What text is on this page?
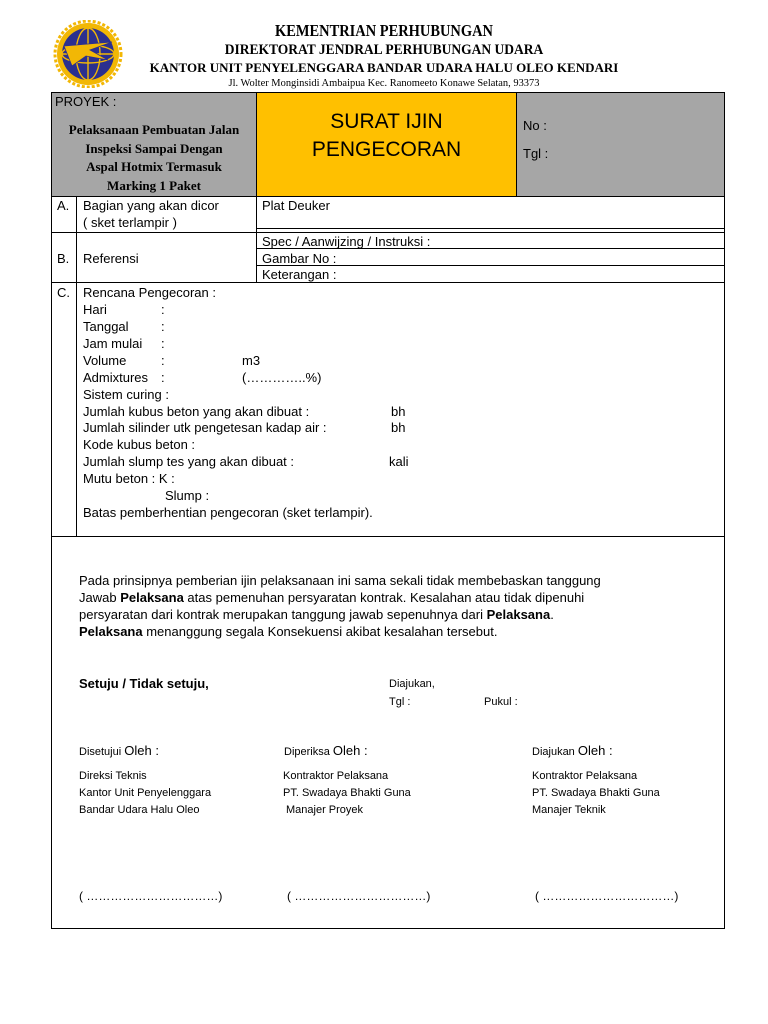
KEMENTRIAN PERHUBUNGAN
DIREKTORAT JENDRAL PERHUBUNGAN UDARA
KANTOR UNIT PENYELENGGARA BANDAR UDARA HALU OLEO KENDARI
Jl. Wolter Monginsidi Ambaipua Kec. Ranomeeto Konawe Selatan, 93373
PROYEK :
Pelaksanaan Pembuatan Jalan
Inspeksi Sampai Dengan
Aspal Hotmix Termasuk
Marking 1 Paket
SURAT IJIN
PENGECORAN
No :
Tgl :
A. Bagian yang akan dicor
( sket terlampir )
Plat Deuker
B. Referensi
Spec / Aanwijzing / Instruksi :
Gambar No :
Keterangan :
C. Rencana Pengecoran :
Hari	:
Tanggal :
Jam mulai :
Volume	:	m3
Admixtures :	(…………..%)
Sistem curing :
Jumlah kubus beton yang akan dibuat :	bh
Jumlah silinder utk pengetesan kadap air :	bh
Kode kubus beton :
Jumlah slump tes yang akan dibuat :	kali
Mutu beton : K :
Slump :
Batas pemberhentian pengecoran (sket terlampir).
Pada prinsipnya pemberian ijin pelaksanaan ini sama sekali tidak membebaskan tanggung
Jawab Pelaksana atas pemenuhan persyaratan kontrak. Kesalahan atau tidak dipenuhi
persyaratan dari kontrak merupakan tanggung jawab sepenuhnya dari Pelaksana.
Pelaksana menanggung segala Konsekuensi akibat kesalahan tersebut.
Setuju / Tidak setuju,	Diajukan,
Tgl :	Pukul :
Disetujui Oleh :
Direksi Teknis
Kantor Unit Penyelenggara
Bandar Udara Halu Oleo
( ……………………………)
Diperiksa Oleh :
Kontraktor Pelaksana
PT. Swadaya Bhakti Guna
Manajer Proyek
( ……………………………)
Diajukan Oleh :
Kontraktor Pelaksana
PT. Swadaya Bhakti Guna
Manajer Teknik
( ……………………………)
